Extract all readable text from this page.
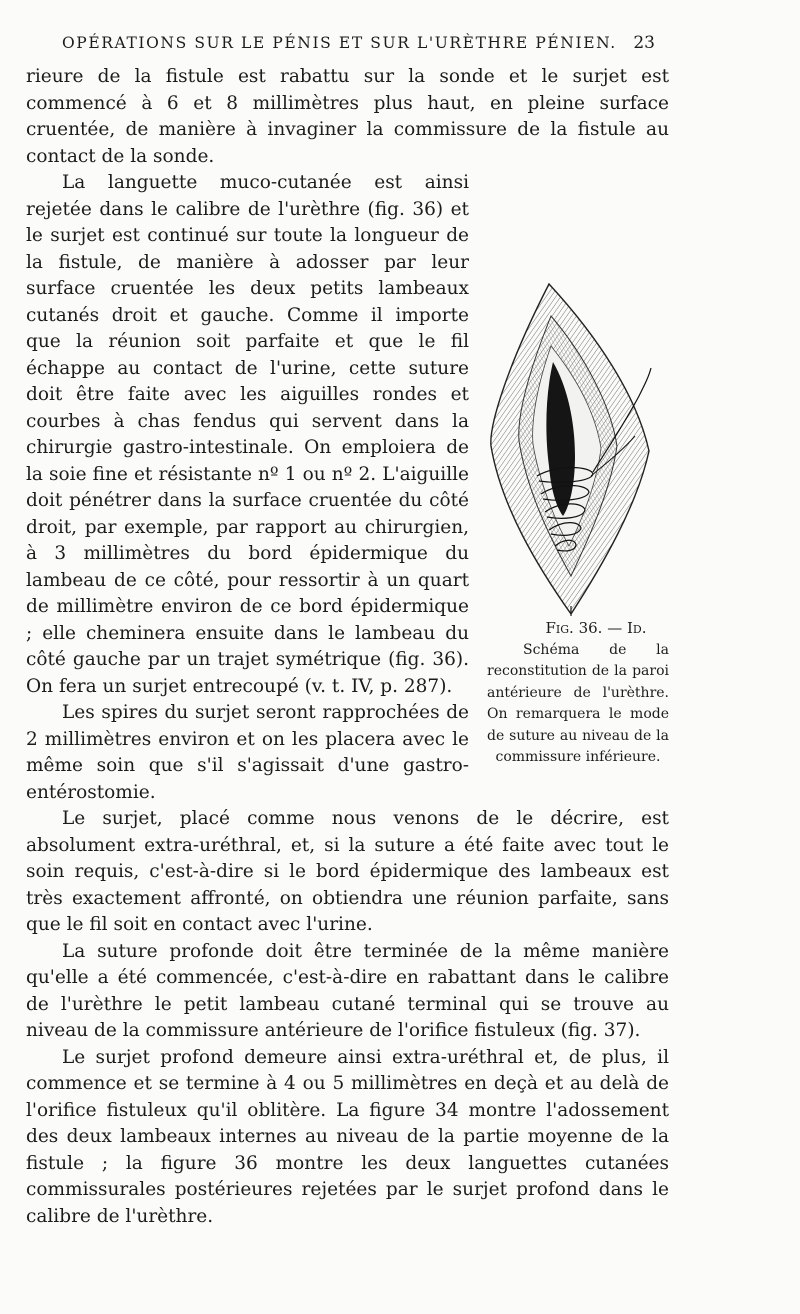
OPÉRATIONS SUR LE PÉNIS ET SUR L'URÈTHRE PÉNIEN. 23

rieure de la fistule est rabattu sur la sonde et le surjet est commencé à 6 et 8 millimètres plus haut, en pleine surface cruentée, de manière à invaginer la commissure de la fistule au contact de la sonde.

Fig. 36. — Id.
Schéma de la reconstitution de la paroi antérieure de l'urèthre. On remarquera le mode de suture au niveau de la commissure inférieure.
La languette muco-cutanée est ainsi rejetée dans le calibre de l'urèthre (fig. 36) et le surjet est continué sur toute la longueur de la fistule, de manière à adosser par leur surface cruentée les deux petits lambeaux cutanés droit et gauche. Comme il importe que la réunion soit parfaite et que le fil échappe au contact de l'urine, cette suture doit être faite avec les aiguilles rondes et courbes à chas fendus qui servent dans la chirurgie gastro-intestinale. On emploiera de la soie fine et résistante nº 1 ou nº 2. L'aiguille doit pénétrer dans la surface cruentée du côté droit, par exemple, par rapport au chirurgien, à 3 millimètres du bord épidermique du lambeau de ce côté, pour ressortir à un quart de millimètre environ de ce bord épidermique ; elle cheminera ensuite dans le lambeau du côté gauche par un trajet symétrique (fig. 36). On fera un surjet entrecoupé (v. t. IV, p. 287).

Les spires du surjet seront rapprochées de 2 millimètres environ et on les placera avec le même soin que s'il s'agissait d'une gastro-entérostomie.

Le surjet, placé comme nous venons de le décrire, est absolument extra-uréthral, et, si la suture a été faite avec tout le soin requis, c'est-à-dire si le bord épidermique des lambeaux est très exactement affronté, on obtiendra une réunion parfaite, sans que le fil soit en contact avec l'urine.

La suture profonde doit être terminée de la même manière qu'elle a été commencée, c'est-à-dire en rabattant dans le calibre de l'urèthre le petit lambeau cutané terminal qui se trouve au niveau de la commissure antérieure de l'orifice fistuleux (fig. 37).

Le surjet profond demeure ainsi extra-uréthral et, de plus, il commence et se termine à 4 ou 5 millimètres en deçà et au delà de l'orifice fistuleux qu'il oblitère. La figure 34 montre l'adossement des deux lambeaux internes au niveau de la partie moyenne de la fistule ; la figure 36 montre les deux languettes cutanées commissurales postérieures rejetées par le surjet profond dans le calibre de l'urèthre.
